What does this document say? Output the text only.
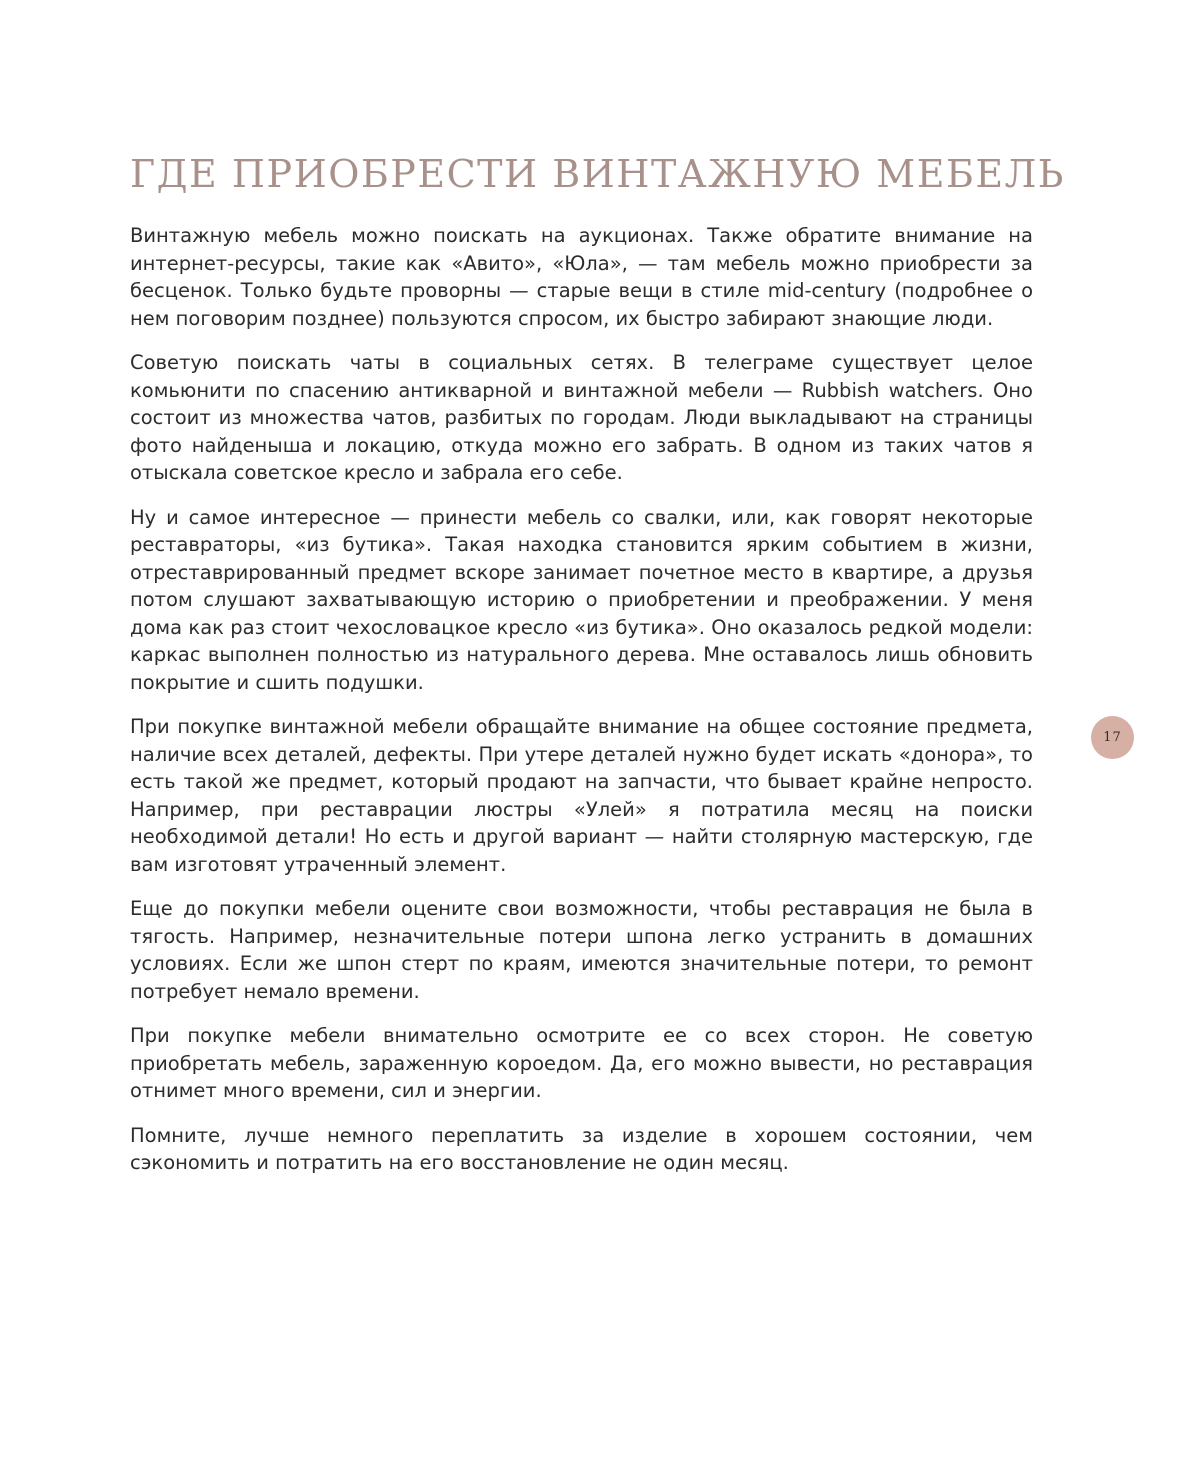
ГДЕ ПРИОБРЕСТИ ВИНТАЖНУЮ МЕБЕЛЬ

Винтажную мебель можно поискать на аукционах. Также обратите внимание на интернет-ресурсы, такие как «Авито», «Юла», — там мебель можно приобрести за бесценок. Только будьте проворны — старые вещи в стиле mid-century (подробнее о нем поговорим позднее) пользуются спросом, их быстро забирают знающие люди.

Советую поискать чаты в социальных сетях. В телеграме существует целое комьюнити по спасению антикварной и винтажной мебели — Rubbish watchers. Оно состоит из множества чатов, разбитых по городам. Люди выкладывают на страницы фото найденыша и локацию, откуда можно его забрать. В одном из таких чатов я отыскала советское кресло и забрала его себе.

Ну и самое интересное — принести мебель со свалки, или, как говорят некоторые реставраторы, «из бутика». Такая находка становится ярким событием в жизни, отреставрированный предмет вскоре занимает почетное место в квартире, а друзья потом слушают захватывающую историю о приобретении и преображении. У меня дома как раз стоит чехословацкое кресло «из бутика». Оно оказалось редкой модели: каркас выполнен полностью из натурального дерева. Мне оставалось лишь обновить покрытие и сшить подушки.

При покупке винтажной мебели обращайте внимание на общее состояние предмета, наличие всех деталей, дефекты. При утере деталей нужно будет искать «донора», то есть такой же предмет, который продают на запчасти, что бывает крайне непросто. Например, при реставрации люстры «Улей» я потратила месяц на поиски необходимой детали! Но есть и другой вариант — найти столярную мастерскую, где вам изготовят утраченный элемент.

Еще до покупки мебели оцените свои возможности, чтобы реставрация не была в тягость. Например, незначительные потери шпона легко устранить в домашних условиях. Если же шпон стерт по краям, имеются значительные потери, то ремонт потребует немало времени.

При покупке мебели внимательно осмотрите ее со всех сторон. Не советую приобретать мебель, зараженную короедом. Да, его можно вывести, но реставрация отнимет много времени, сил и энергии.

Помните, лучше немного переплатить за изделие в хорошем состоянии, чем сэкономить и потратить на его восстановление не один месяц.

17
